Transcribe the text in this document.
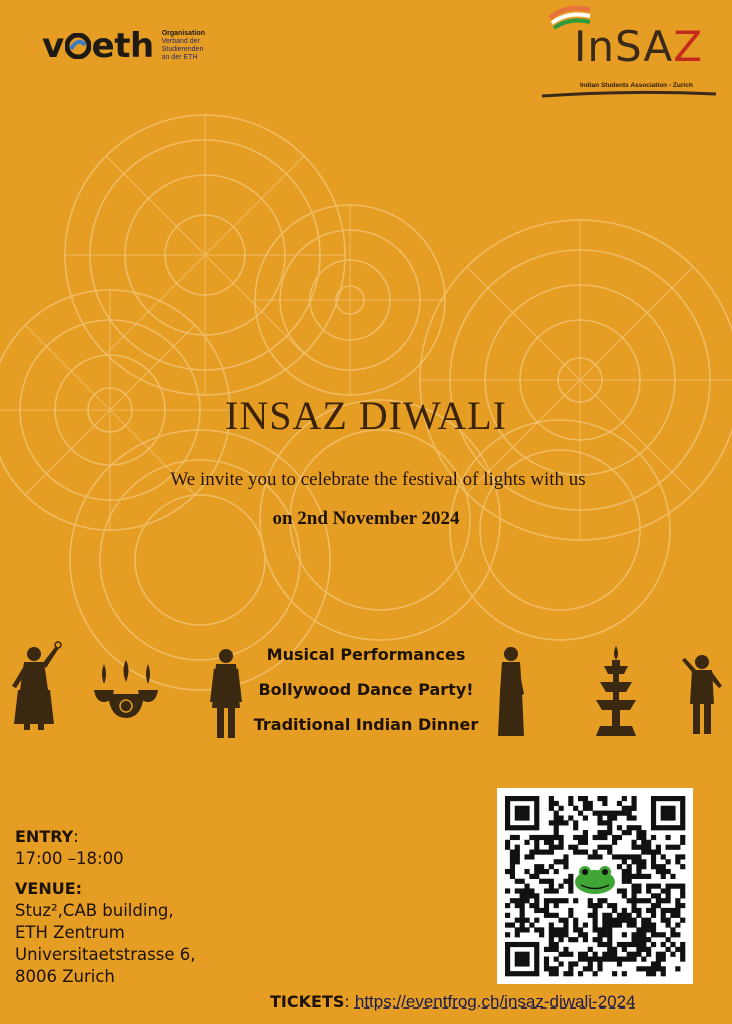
v eth Organisation
Verband der
Studierenden
an der ETH	InSAZ
Indian Students Association - Zurich
INSAZ DIWALI
We invite you to celebrate the festival of lights with us
on 2nd November 2024
Musical Performances
Bollywood Dance Party!
Traditional Indian Dinner
ENTRY:
17:00 –18:00
VENUE:
Stuz²,CAB building,
ETH Zentrum
Universitaetstrasse 6,
8006 Zurich
TICKETS: https://eventfrog.ch/insaz-diwali-2024
